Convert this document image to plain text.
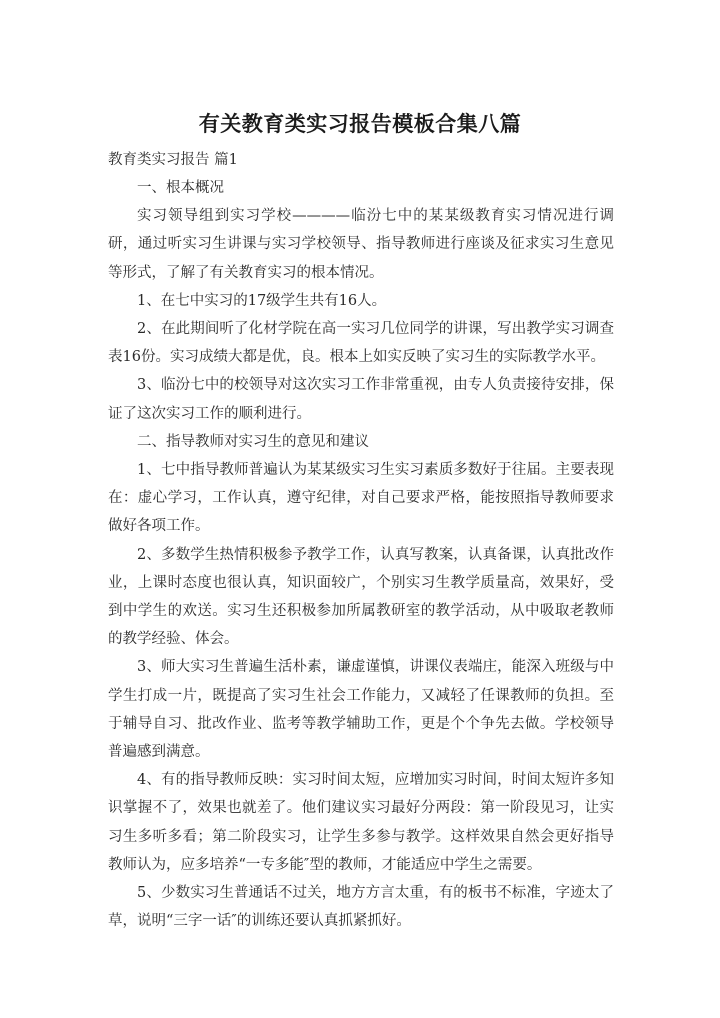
有关教育类实习报告模板合集八篇
教育类实习报告 篇1

一、根本概况

实习领导组到实习学校————临汾七中的某某级教育实习情况进行调研，通过听实习生讲课与实习学校领导、指导教师进行座谈及征求实习生意见等形式，了解了有关教育实习的根本情况。

1、在七中实习的17级学生共有16人。

2、在此期间听了化材学院在高一实习几位同学的讲课，写出教学实习调查表16份。实习成绩大都是优，良。根本上如实反映了实习生的实际教学水平。

3、临汾七中的校领导对这次实习工作非常重视，由专人负责接待安排，保证了这次实习工作的顺利进行。

二、指导教师对实习生的意见和建议

1、七中指导教师普遍认为某某级实习生实习素质多数好于往届。主要表现在：虚心学习，工作认真，遵守纪律，对自己要求严格，能按照指导教师要求做好各项工作。

2、多数学生热情积极参予教学工作，认真写教案，认真备课，认真批改作业，上课时态度也很认真，知识面较广，个别实习生教学质量高，效果好，受到中学生的欢送。实习生还积极参加所属教研室的教学活动，从中吸取老教师的教学经验、体会。

3、师大实习生普遍生活朴素，谦虚谨慎，讲课仪表端庄，能深入班级与中学生打成一片，既提高了实习生社会工作能力，又减轻了任课教师的负担。至于辅导自习、批改作业、监考等教学辅助工作，更是个个争先去做。学校领导普遍感到满意。

4、有的指导教师反映：实习时间太短，应增加实习时间，时间太短许多知识掌握不了，效果也就差了。他们建议实习最好分两段：第一阶段见习，让实习生多听多看；第二阶段实习，让学生多参与教学。这样效果自然会更好指导教师认为，应多培养“一专多能″型的教师，才能适应中学生之需要。

5、少数实习生普通话不过关，地方方言太重，有的板书不标准，字迹太了草，说明“三字一话″的训练还要认真抓紧抓好。
